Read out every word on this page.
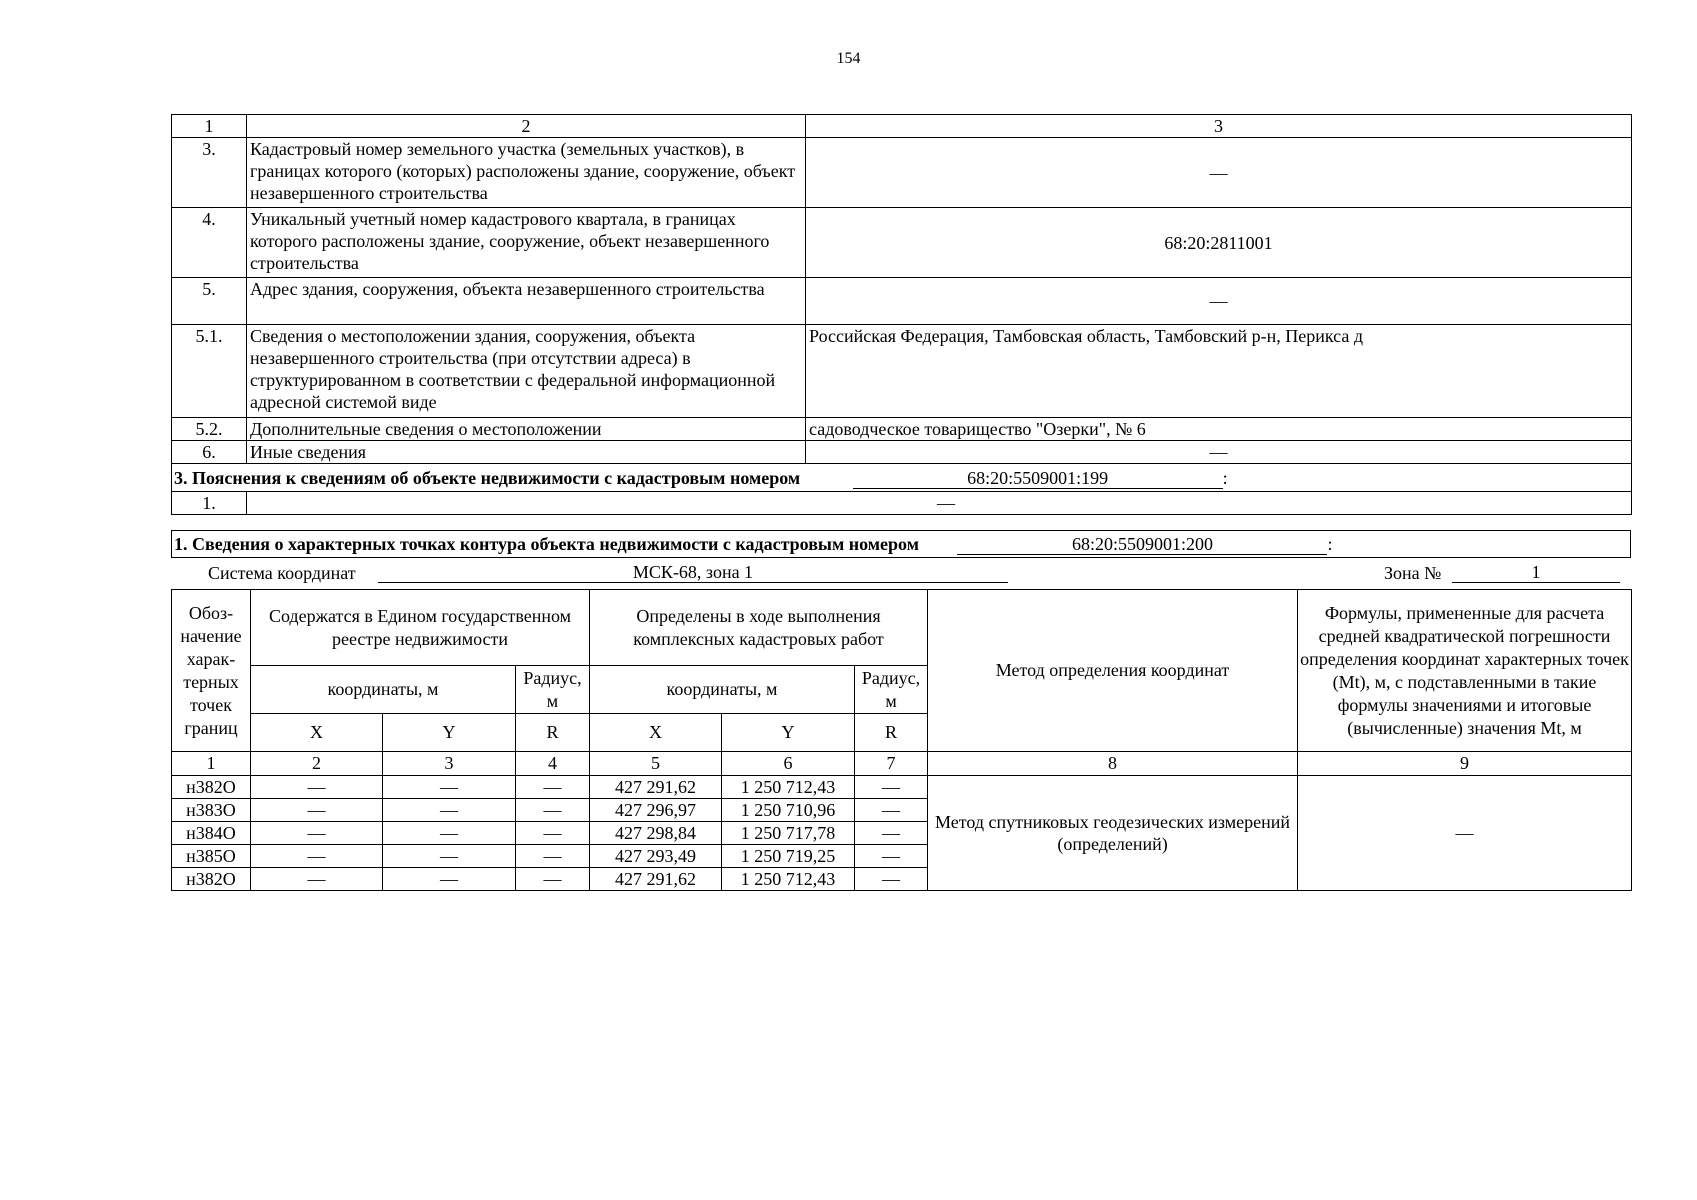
154
1	2	3
3.	Кадастровый номер земельного участка (земельных участков), в границах которого (которых) расположены здание, сооружение, объект незавершенного строительства	—
4.	Уникальный учетный номер кадастрового квартала, в границах которого расположены здание, сооружение, объект незавершенного строительства	68:20:2811001
5.	Адрес здания, сооружения, объекта незавершенного строительства	—
5.1.	Сведения о местоположении здания, сооружения, объекта незавершенного строительства (при отсутствии адреса) в структурированном в соответствии с федеральной информационной адресной системой виде	Российская Федерация, Тамбовская область, Тамбовский р-н, Перикса д
5.2.	Дополнительные сведения о местоположении	садоводческое товарищество "Озерки", № 6
6.	Иные сведения	—
3. Пояснения к сведениям об объекте недвижимости с кадастровым номером 68:20:5509001:199 :		
1.	—	
1. Сведения о характерных точках контура объекта недвижимости с кадастровым номером	68:20:5509001:200	:
Система координат	МСК-68, зона 1	Зона №	1
Обоз-начение харак-терных точек границ	Содержатся в Едином государственном реестре недвижимости			Определены в ходе выполнения комплексных кадастровых работ			Метод определения координат	Формулы, примененные для расчета средней квадратической погрешности определения координат характерных точек (Mt), м, с подставленными в такие формулы значениями и итоговые (вычисленные) значения Mt, м
	координаты, м		Радиус, м	координаты, м		Радиус, м		
	X	Y	R	X	Y	R		
1	2	3	4	5	6	7	8	9
н382О	—	—	—	427 291,62	1 250 712,43	—	Метод спутниковых геодезических измерений (определений)	—
н383О	—	—	—	427 296,97	1 250 710,96	—		
н384О	—	—	—	427 298,84	1 250 717,78	—		
н385О	—	—	—	427 293,49	1 250 719,25	—		
н382О	—	—	—	427 291,62	1 250 712,43	—		
